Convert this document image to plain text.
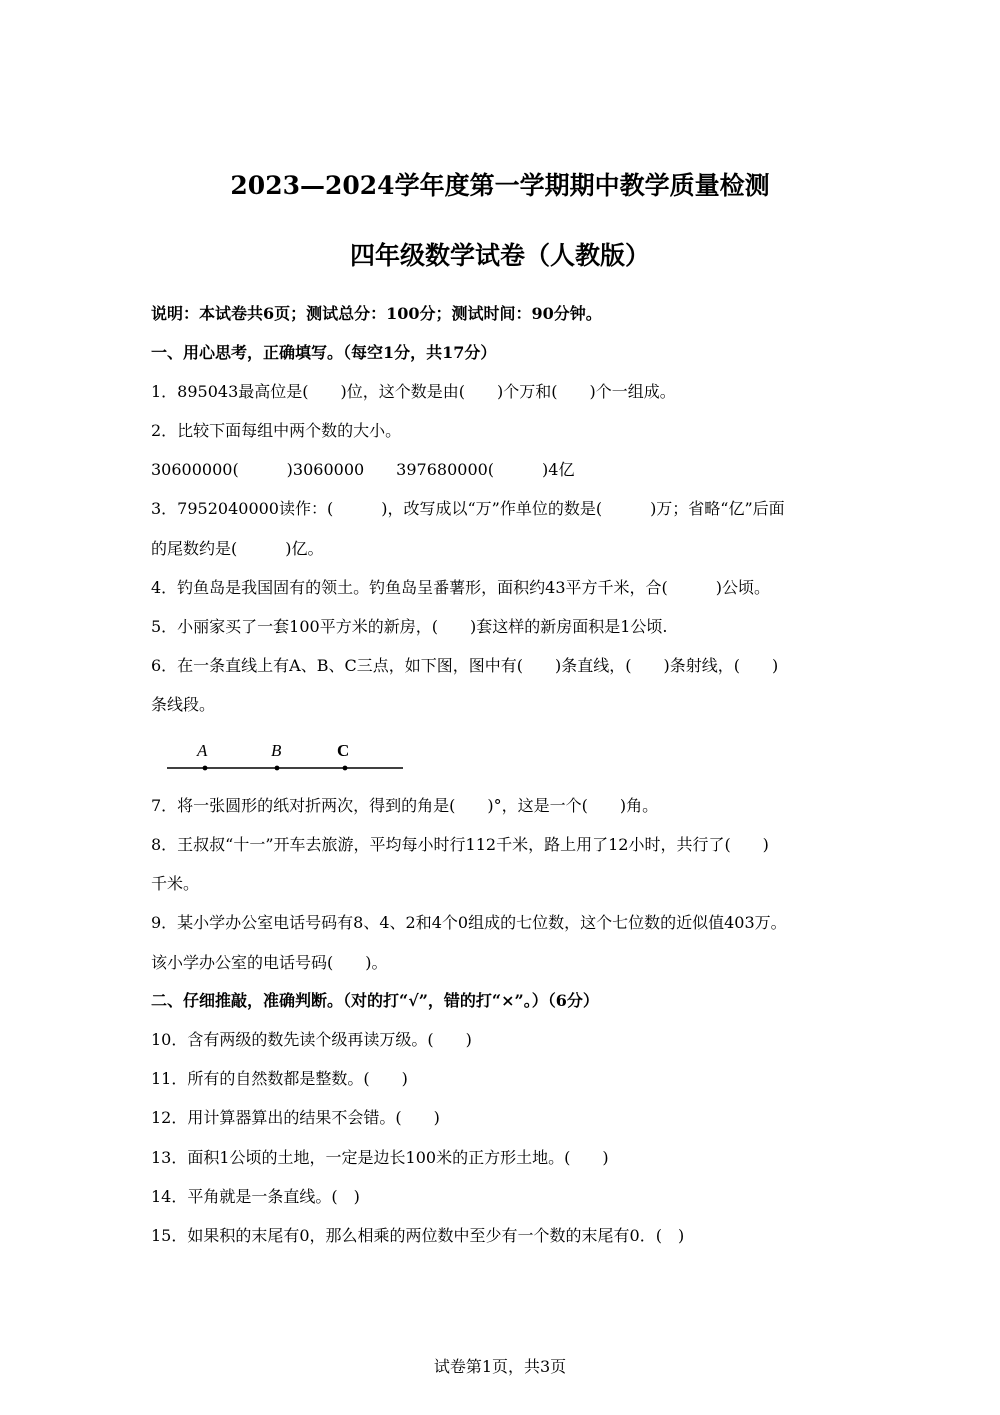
2023—2024学年度第一学期期中教学质量检测
四年级数学试卷（人教版）
说明：本试卷共6页；测试总分：100分；测试时间：90分钟。
一、用心思考，正确填写。（每空1分，共17分）
1．895043最高位是(　　)位，这个数是由(　　)个万和(　　)个一组成。
2．比较下面每组中两个数的大小。
30600000(　　　)3060000　　397680000(　　　)4亿
3．7952040000读作：(　　　)，改写成以“万”作单位的数是(　　　)万；省略“亿”后面
的尾数约是(　　　)亿。
4．钓鱼岛是我国固有的领土。钓鱼岛呈番薯形，面积约43平方千米，合(　　　)公顷。
5．小丽家买了一套100平方米的新房，(　　)套这样的新房面积是1公顷.
6．在一条直线上有A、B、C三点，如下图，图中有(　　)条直线，(　　)条射线，(　　)
条线段。
A	B	C
7．将一张圆形的纸对折两次，得到的角是(　　)°，这是一个(　　)角。
8．王叔叔“十一”开车去旅游，平均每小时行112千米，路上用了12小时，共行了(　　)
千米。
9．某小学办公室电话号码有8、4、2和4个0组成的七位数，这个七位数的近似值403万。
该小学办公室的电话号码(　　)。
二、仔细推敲，准确判断。（对的打“√”，错的打“×”。）（6分）
10．含有两级的数先读个级再读万级。(　　)
11．所有的自然数都是整数。(　　)
12．用计算器算出的结果不会错。(　　)
13．面积1公顷的土地，一定是边长100米的正方形土地。(　　)
14．平角就是一条直线。(　)
15．如果积的末尾有0，那么相乘的两位数中至少有一个数的末尾有0．(　)
试卷第1页，共3页
